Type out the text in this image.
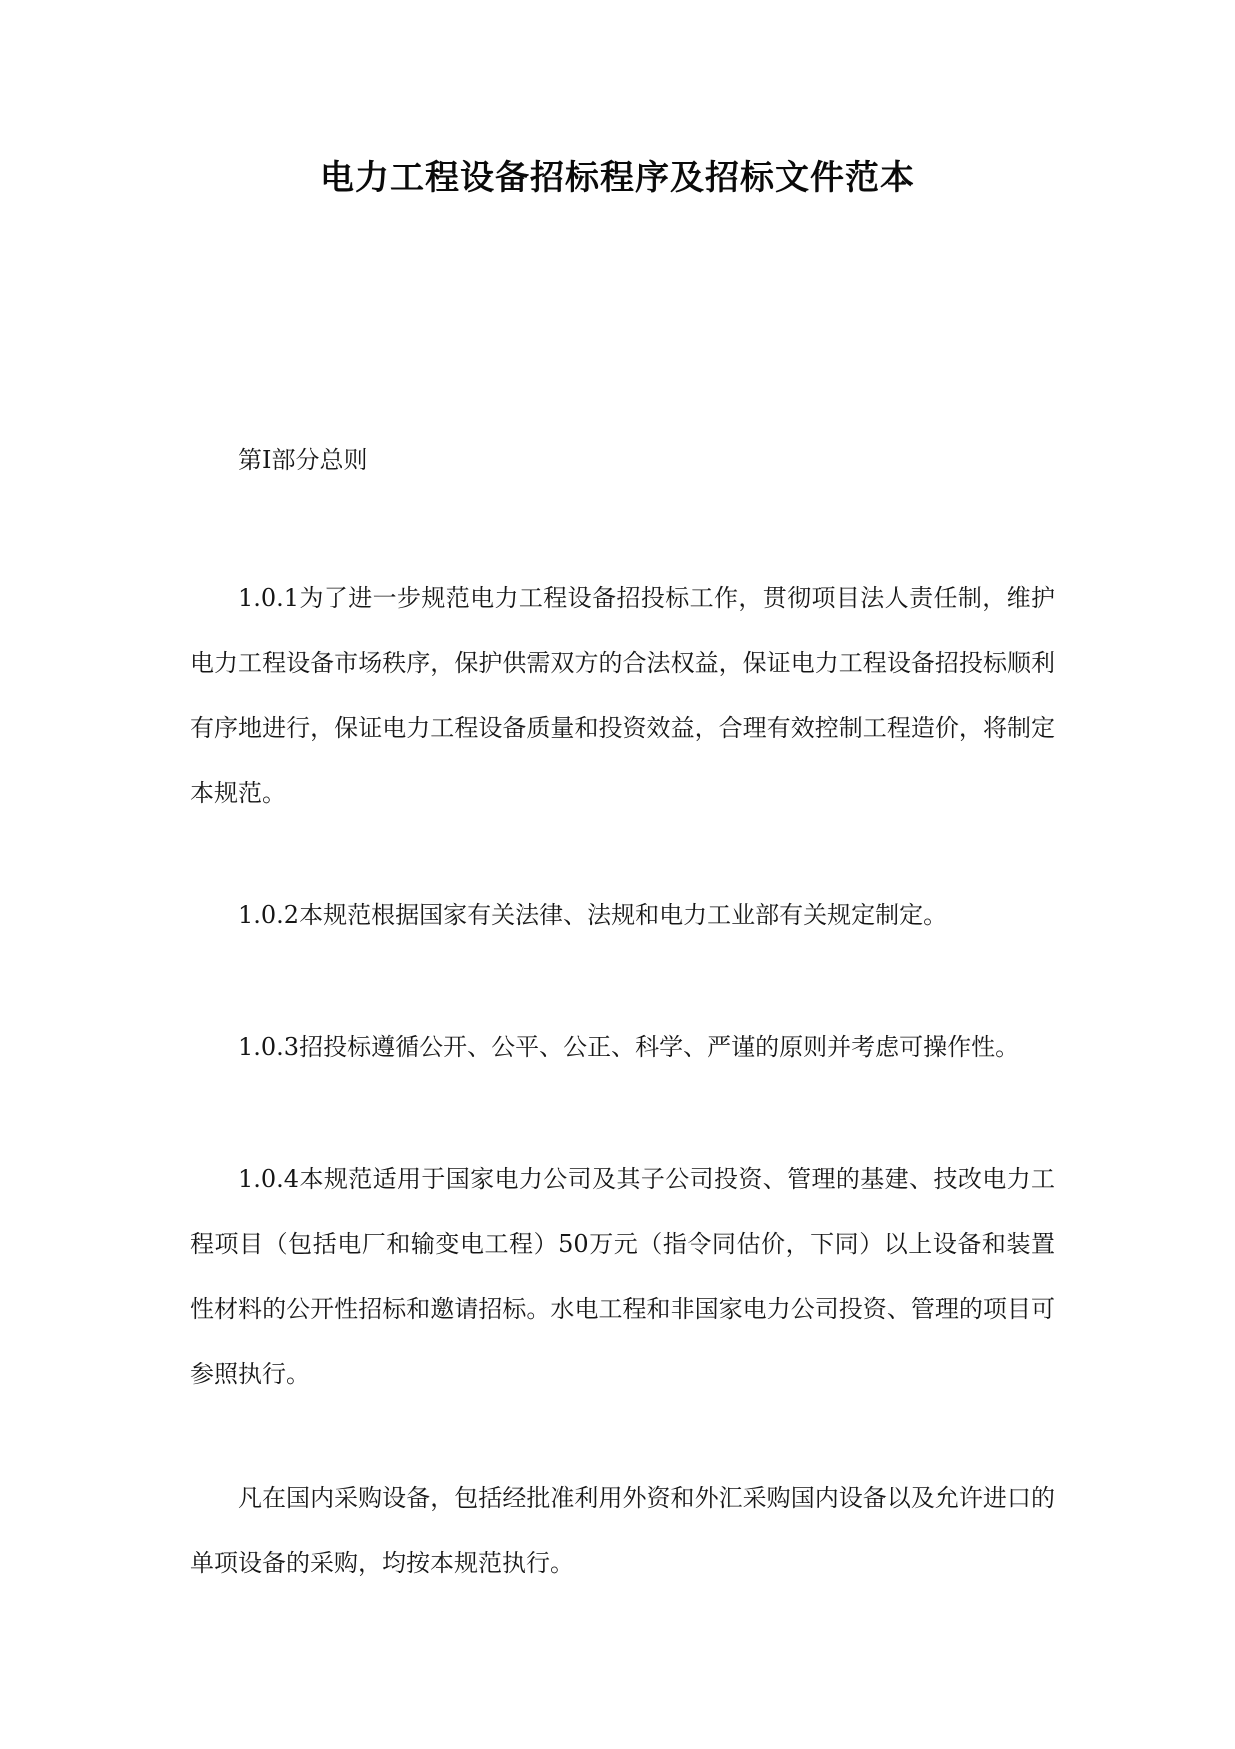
电力工程设备招标程序及招标文件范本

第I部分总则

1.0.1为了进一步规范电力工程设备招投标工作，贯彻项目法人责任制，维护电力工程设备市场秩序，保护供需双方的合法权益，保证电力工程设备招投标顺利有序地进行，保证电力工程设备质量和投资效益，合理有效控制工程造价，将制定本规范。

1.0.2本规范根据国家有关法律、法规和电力工业部有关规定制定。

1.0.3招投标遵循公开、公平、公正、科学、严谨的原则并考虑可操作性。

1.0.4本规范适用于国家电力公司及其子公司投资、管理的基建、技改电力工程项目（包括电厂和输变电工程）50万元（指令同估价，下同）以上设备和装置性材料的公开性招标和邀请招标。水电工程和非国家电力公司投资、管理的项目可参照执行。

凡在国内采购设备，包括经批准利用外资和外汇采购国内设备以及允许进口的单项设备的采购，均按本规范执行。
